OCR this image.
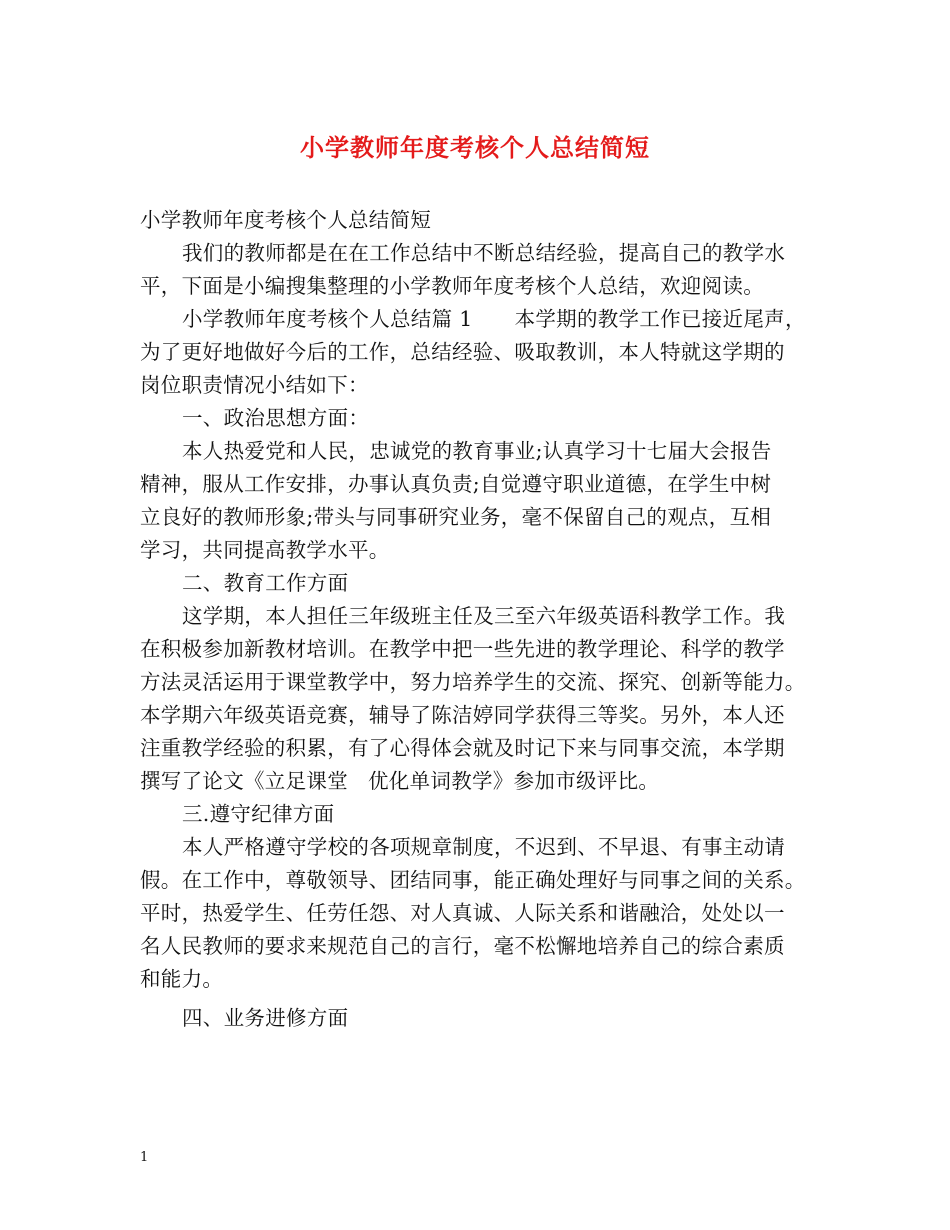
小学教师年度考核个人总结简短
小学教师年度考核个人总结简短
我们的教师都是在在工作总结中不断总结经验，提高自己的教学水
平，下面是小编搜集整理的小学教师年度考核个人总结，欢迎阅读。
小学教师年度考核个人总结篇 1 本学期的教学工作已接近尾声，
为了更好地做好今后的工作，总结经验、吸取教训，本人特就这学期的
岗位职责情况小结如下：
一、政治思想方面：
本人热爱党和人民，忠诚党的教育事业;认真学习十七届大会报告
精神，服从工作安排，办事认真负责;自觉遵守职业道德，在学生中树
立良好的教师形象;带头与同事研究业务，毫不保留自己的观点，互相
学习，共同提高教学水平。
二、教育工作方面
这学期，本人担任三年级班主任及三至六年级英语科教学工作。我
在积极参加新教材培训。在教学中把一些先进的教学理论、科学的教学
方法灵活运用于课堂教学中，努力培养学生的交流、探究、创新等能力。
本学期六年级英语竞赛，辅导了陈洁婷同学获得三等奖。另外，本人还
注重教学经验的积累，有了心得体会就及时记下来与同事交流，本学期
撰写了论文《立足课堂 优化单词教学》参加市级评比。
三.遵守纪律方面
本人严格遵守学校的各项规章制度，不迟到、不早退、有事主动请
假。在工作中，尊敬领导、团结同事，能正确处理好与同事之间的关系。
平时，热爱学生、任劳任怨、对人真诚、人际关系和谐融洽，处处以一
名人民教师的要求来规范自己的言行，毫不松懈地培养自己的综合素质
和能力。
四、业务进修方面
1
